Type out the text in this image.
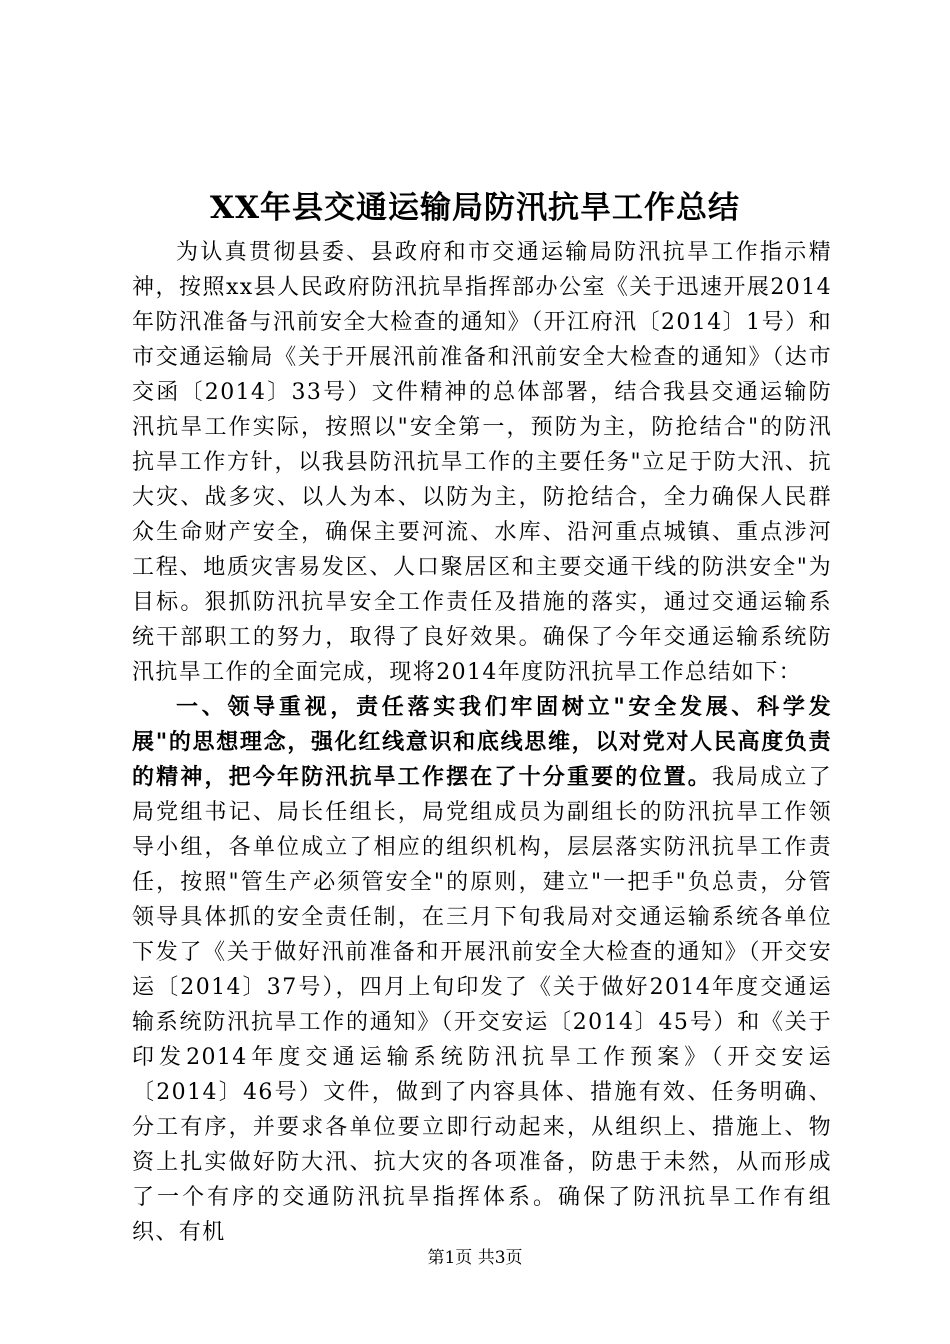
XX年县交通运输局防汛抗旱工作总结

为认真贯彻县委、县政府和市交通运输局防汛抗旱工作指示精神，按照xx县人民政府防汛抗旱指挥部办公室《关于迅速开展2014年防汛准备与汛前安全大检查的通知》（开江府汛〔2014〕1号）和市交通运输局《关于开展汛前准备和汛前安全大检查的通知》（达市交函〔2014〕33号）文件精神的总体部署，结合我县交通运输防汛抗旱工作实际，按照以"安全第一，预防为主，防抢结合"的防汛抗旱工作方针，以我县防汛抗旱工作的主要任务"立足于防大汛、抗大灾、战多灾、以人为本、以防为主，防抢结合，全力确保人民群众生命财产安全，确保主要河流、水库、沿河重点城镇、重点涉河工程、地质灾害易发区、人口聚居区和主要交通干线的防洪安全"为目标。狠抓防汛抗旱安全工作责任及措施的落实，通过交通运输系统干部职工的努力，取得了良好效果。确保了今年交通运输系统防汛抗旱工作的全面完成，现将2014年度防汛抗旱工作总结如下：

一、领导重视，责任落实我们牢固树立"安全发展、科学发展"的思想理念，强化红线意识和底线思维，以对党对人民高度负责的精神，把今年防汛抗旱工作摆在了十分重要的位置。我局成立了局党组书记、局长任组长，局党组成员为副组长的防汛抗旱工作领导小组，各单位成立了相应的组织机构，层层落实防汛抗旱工作责任，按照"管生产必须管安全"的原则，建立"一把手"负总责，分管领导具体抓的安全责任制，在三月下旬我局对交通运输系统各单位下发了《关于做好汛前准备和开展汛前安全大检查的通知》（开交安运〔2014〕37号），四月上旬印发了《关于做好2014年度交通运输系统防汛抗旱工作的通知》（开交安运〔2014〕45号）和《关于印发2014年度交通运输系统防汛抗旱工作预案》（开交安运〔2014〕46号）文件，做到了内容具体、措施有效、任务明确、分工有序，并要求各单位要立即行动起来，从组织上、措施上、物资上扎实做好防大汛、抗大灾的各项准备，防患于未然，从而形成了一个有序的交通防汛抗旱指挥体系。确保了防汛抗旱工作有组织、有机

第1页 共3页
